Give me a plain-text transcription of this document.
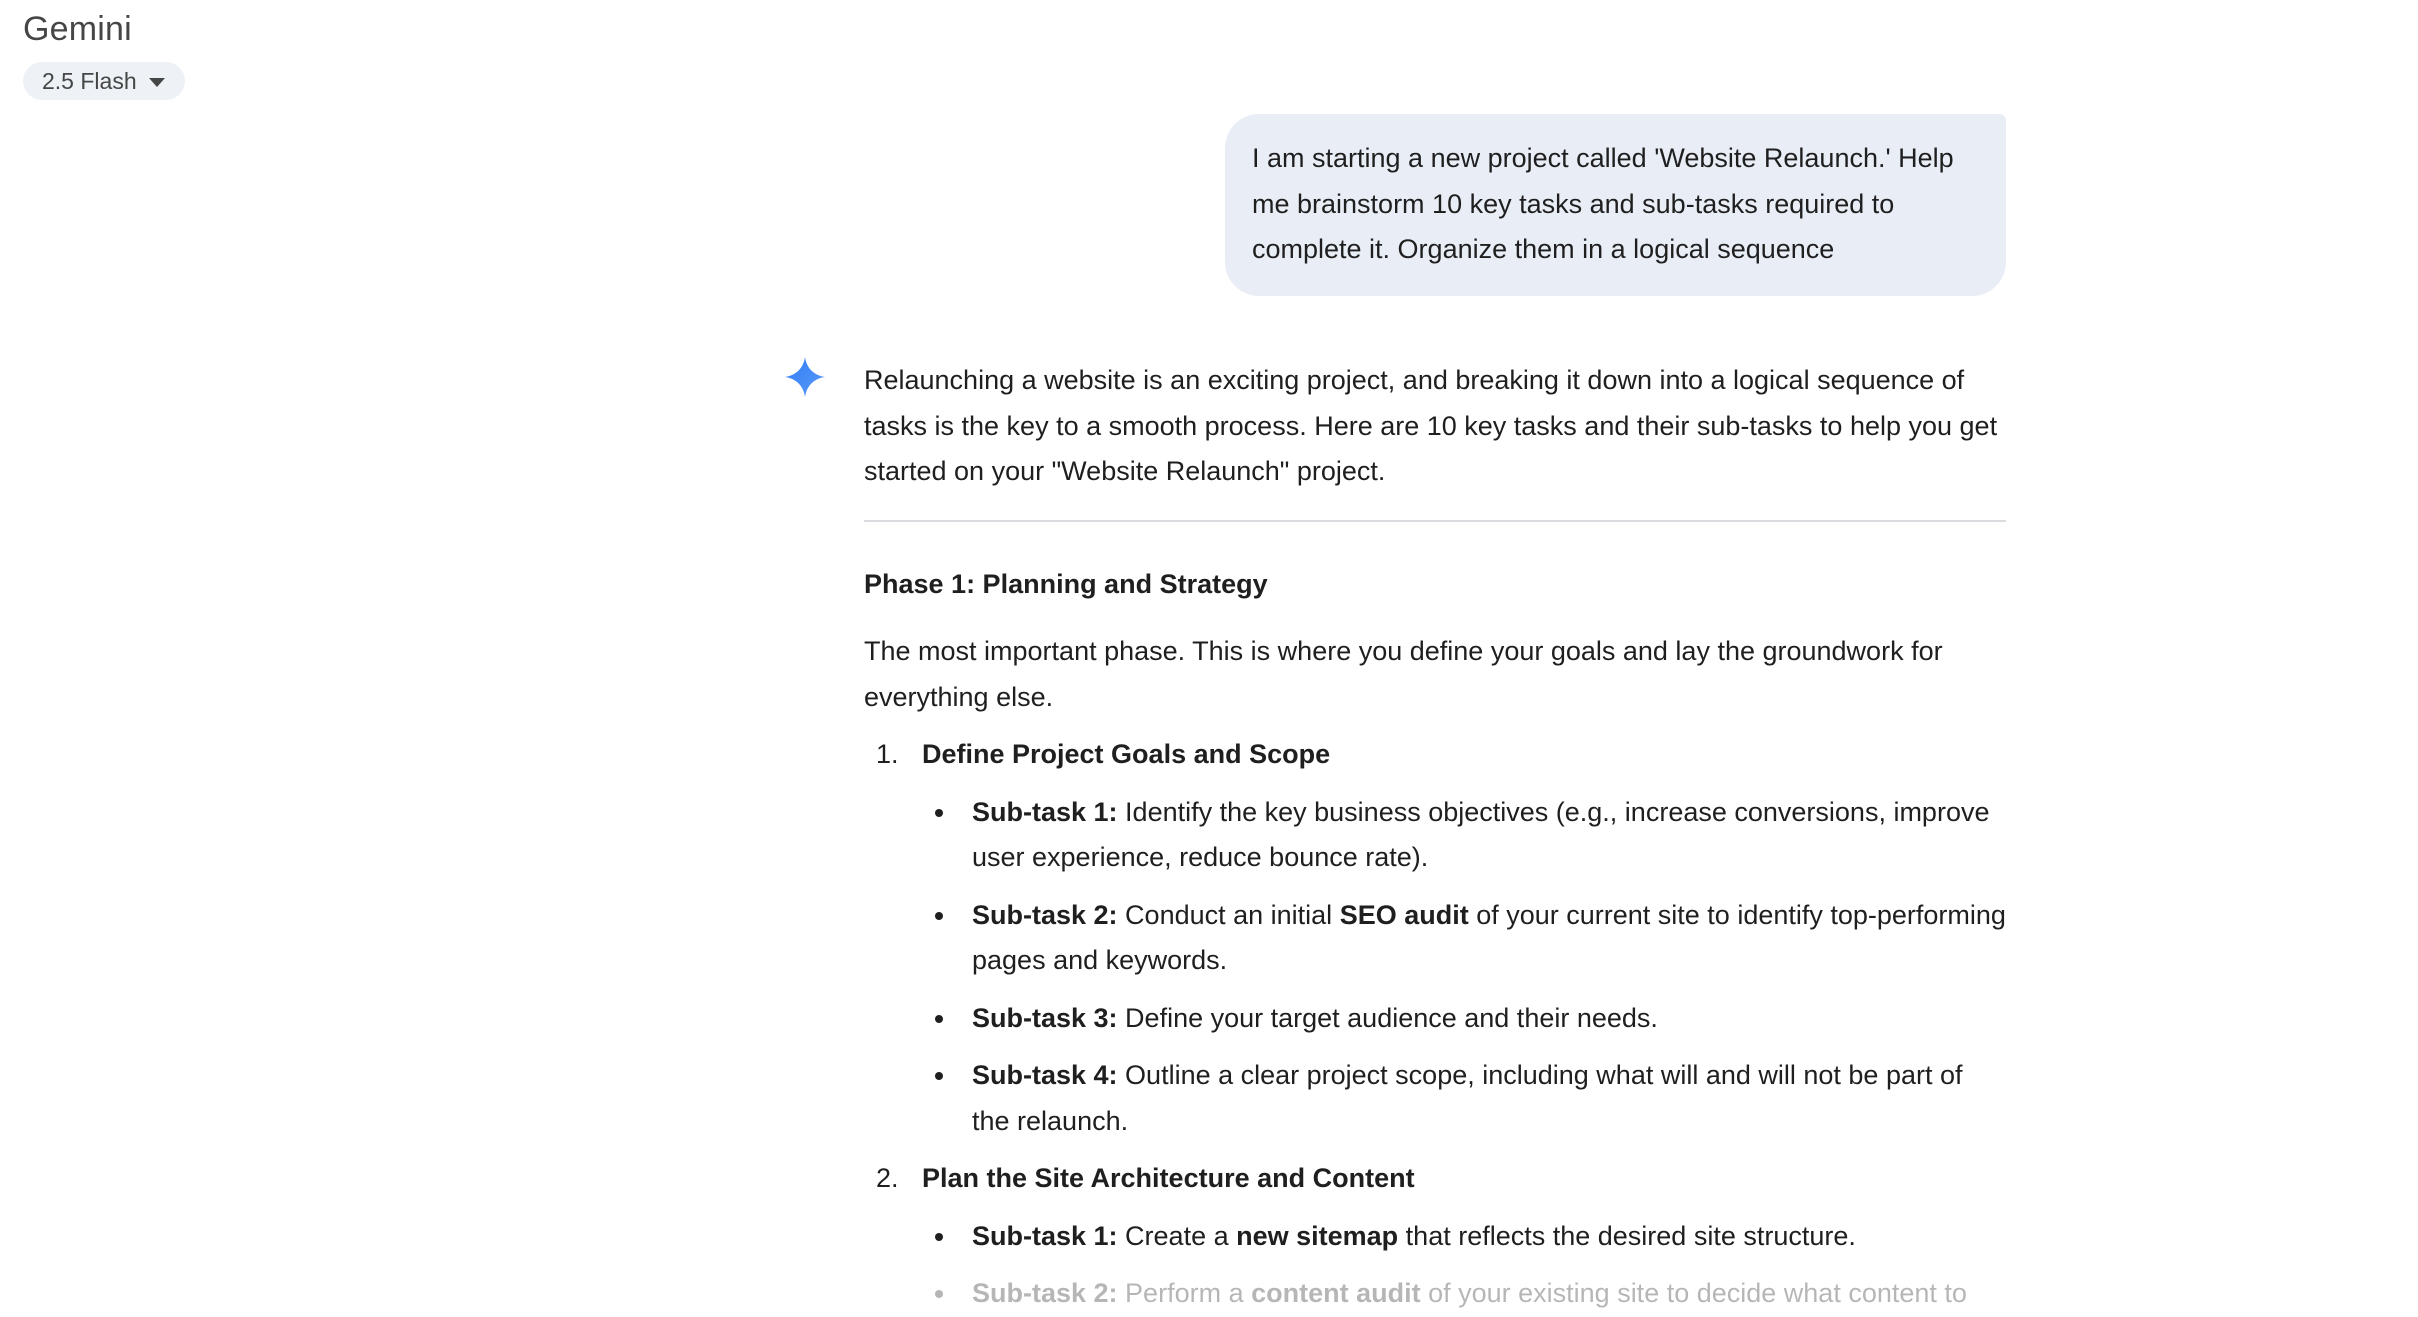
Gemini
2.5 Flash
I am starting a new project called 'Website Relaunch.' Help me brainstorm 10 key tasks and sub-tasks required to complete it. Organize them in a logical sequence

Relaunching a website is an exciting project, and breaking it down into a logical sequence of tasks is the key to a smooth process. Here are 10 key tasks and their sub-tasks to help you get started on your "Website Relaunch" project.

Phase 1: Planning and Strategy

The most important phase. This is where you define your goals and lay the groundwork for everything else.

1. Define Project Goals and Scope
Sub-task 1: Identify the key business objectives (e.g., increase conversions, improve user experience, reduce bounce rate).
Sub-task 2: Conduct an initial SEO audit of your current site to identify top-performing pages and keywords.
Sub-task 3: Define your target audience and their needs.
Sub-task 4: Outline a clear project scope, including what will and will not be part of the relaunch.
2. Plan the Site Architecture and Content
Sub-task 1: Create a new sitemap that reflects the desired site structure.
Sub-task 2: Perform a content audit of your existing site to decide what content to
